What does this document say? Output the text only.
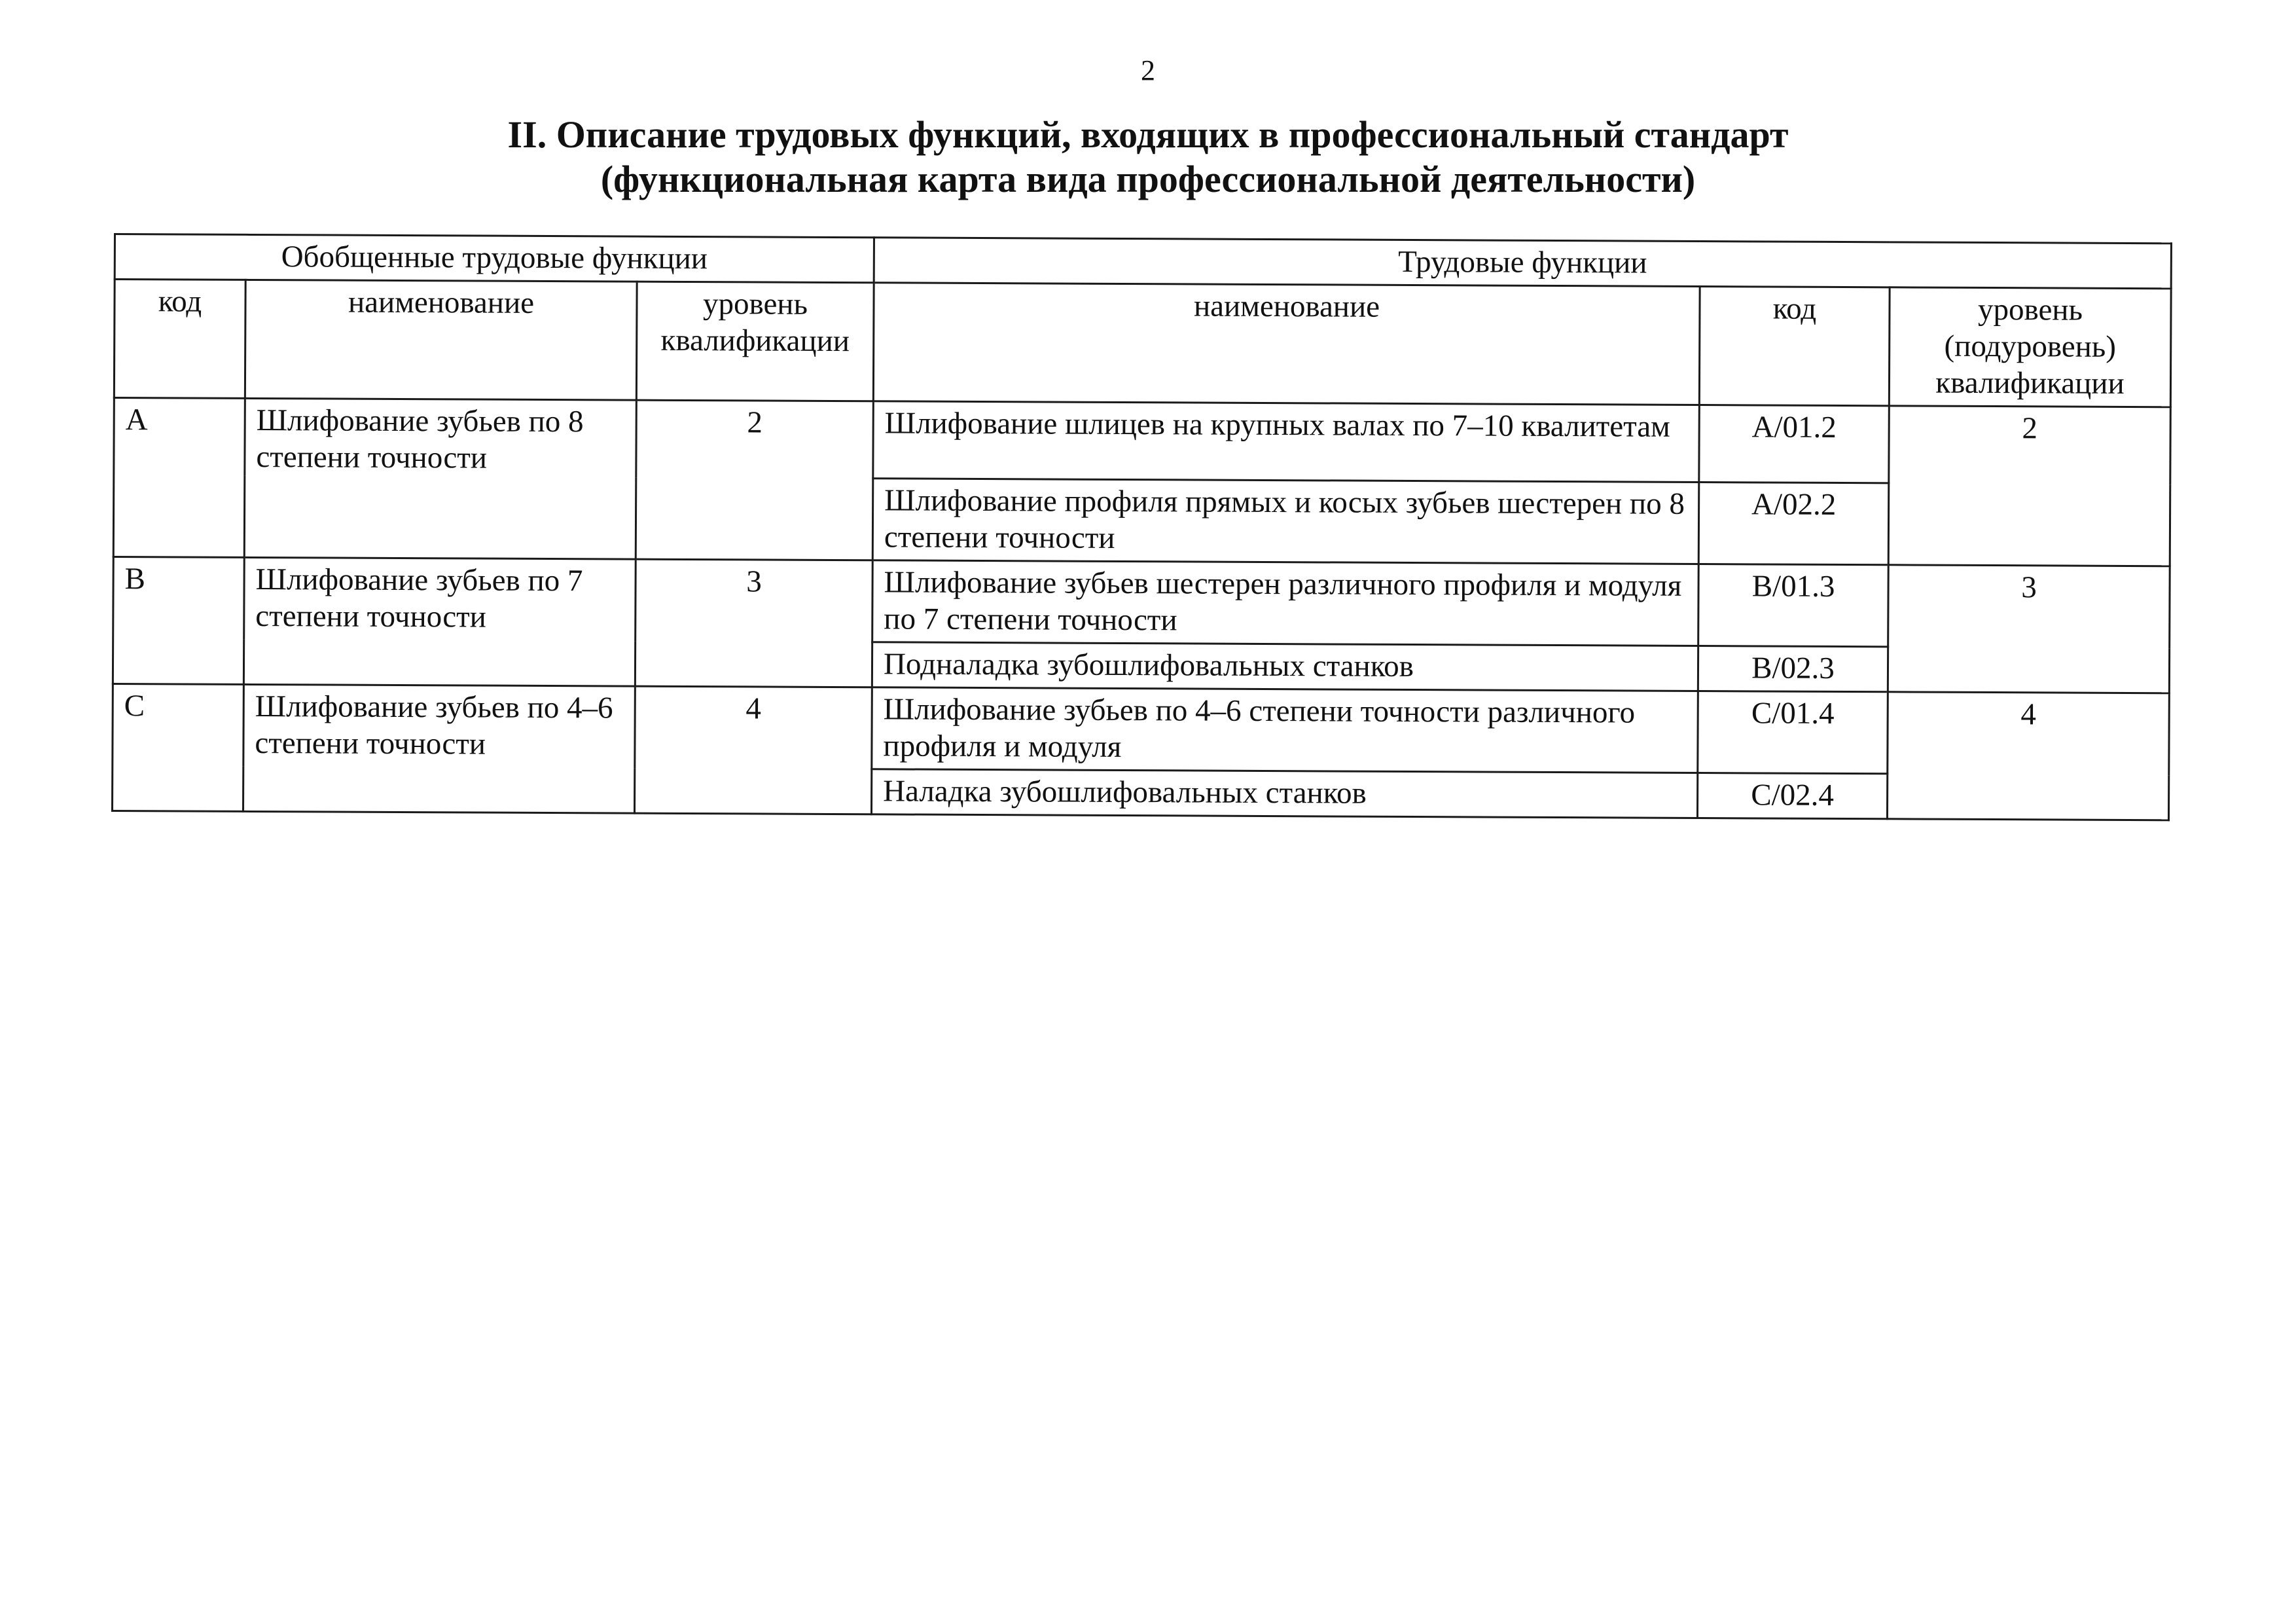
2
II. Описание трудовых функций, входящих в профессиональный стандарт
(функциональная карта вида профессиональной деятельности)
Обобщенные трудовые функции			Трудовые функции		
код	наименование	уровень квалификации	наименование	код	уровень (подуровень) квалификации
А	Шлифование зубьев по 8 степени точности	2	Шлифование шлицев на крупных валах по 7–10 квалитетам	А/01.2	2
			Шлифование профиля прямых и косых зубьев шестерен по 8 степени точности	А/02.2	
В	Шлифование зубьев по 7 степени точности	3	Шлифование зубьев шестерен различного профиля и модуля по 7 степени точности	В/01.3	3
			Подналадка зубошлифовальных станков	В/02.3	
С	Шлифование зубьев по 4–6 степени точности	4	Шлифование зубьев по 4–6 степени точности различного профиля и модуля	С/01.4	4
			Наладка зубошлифовальных станков	С/02.4	
